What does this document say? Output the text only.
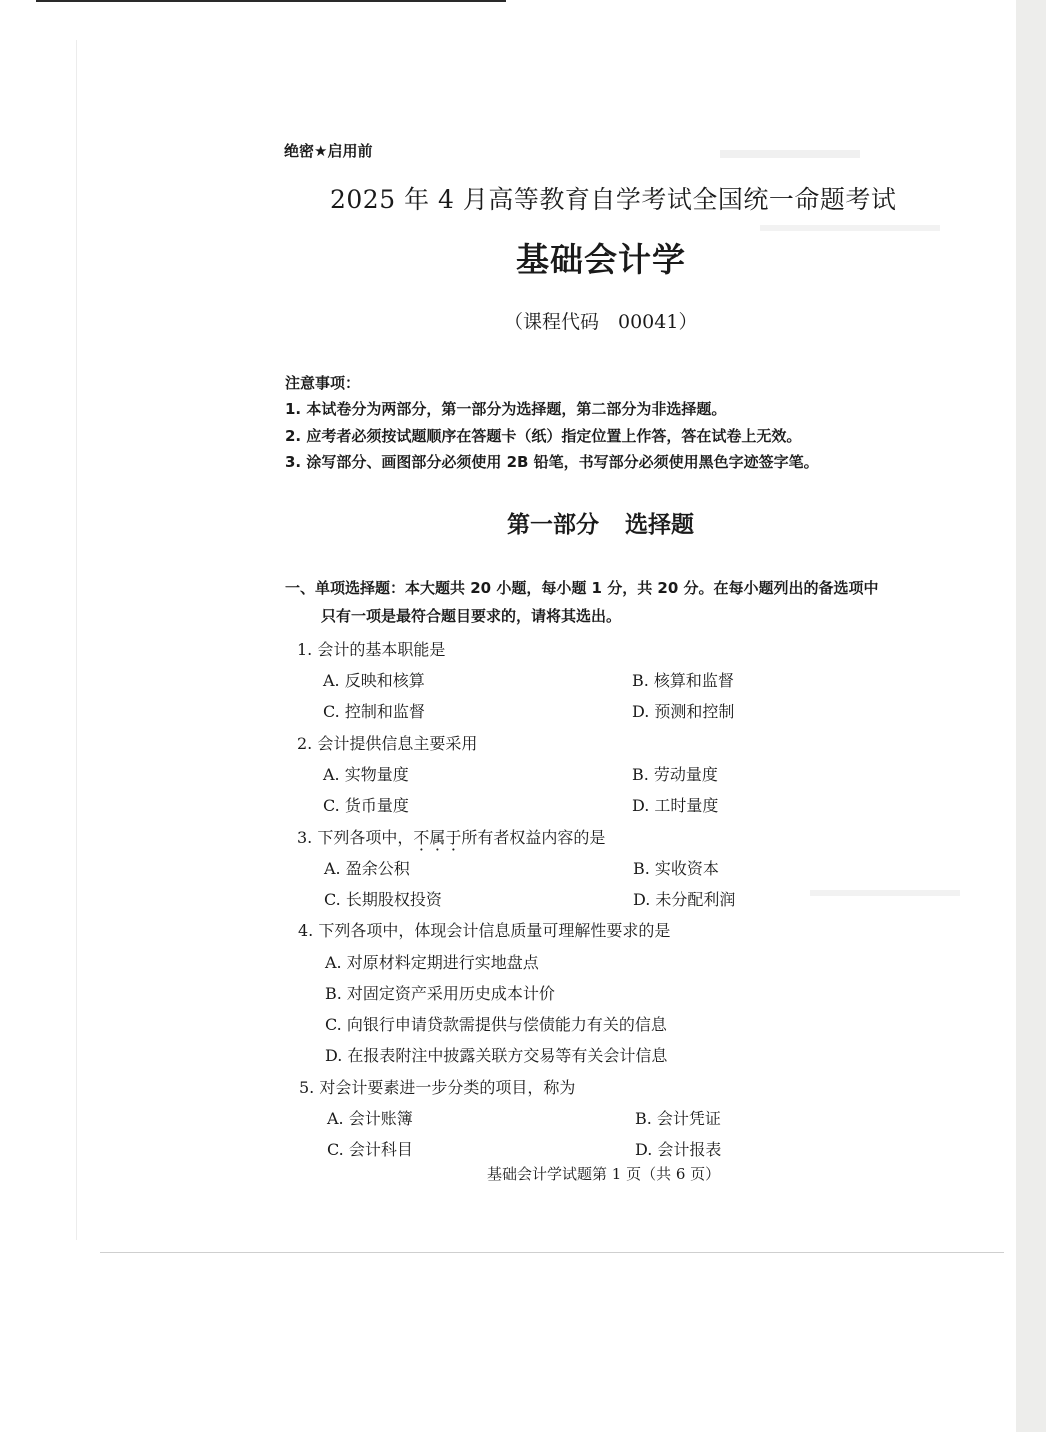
绝密★启用前
2025 年 4 月高等教育自学考试全国统一命题考试
基础会计学
（课程代码　00041）
注意事项：
1. 本试卷分为两部分，第一部分为选择题，第二部分为非选择题。
2. 应考者必须按试题顺序在答题卡（纸）指定位置上作答，答在试卷上无效。
3. 涂写部分、画图部分必须使用 2B 铅笔，书写部分必须使用黑色字迹签字笔。
第一部分 选择题
一、单项选择题：本大题共 20 小题，每小题 1 分，共 20 分。在每小题列出的备选项中
只有一项是最符合题目要求的，请将其选出。
1. 会计的基本职能是
A. 反映和核算	B. 核算和监督
C. 控制和监督	D. 预测和控制
2. 会计提供信息主要采用
A. 实物量度	B. 劳动量度
C. 货币量度	D. 工时量度
3. 下列各项中，不属于所有者权益内容的是
A. 盈余公积	B. 实收资本
C. 长期股权投资	D. 未分配利润
4. 下列各项中，体现会计信息质量可理解性要求的是
A. 对原材料定期进行实地盘点
B. 对固定资产采用历史成本计价
C. 向银行申请贷款需提供与偿债能力有关的信息
D. 在报表附注中披露关联方交易等有关会计信息
5. 对会计要素进一步分类的项目，称为
A. 会计账簿	B. 会计凭证
C. 会计科目	D. 会计报表
基础会计学试题第 1 页（共 6 页）
